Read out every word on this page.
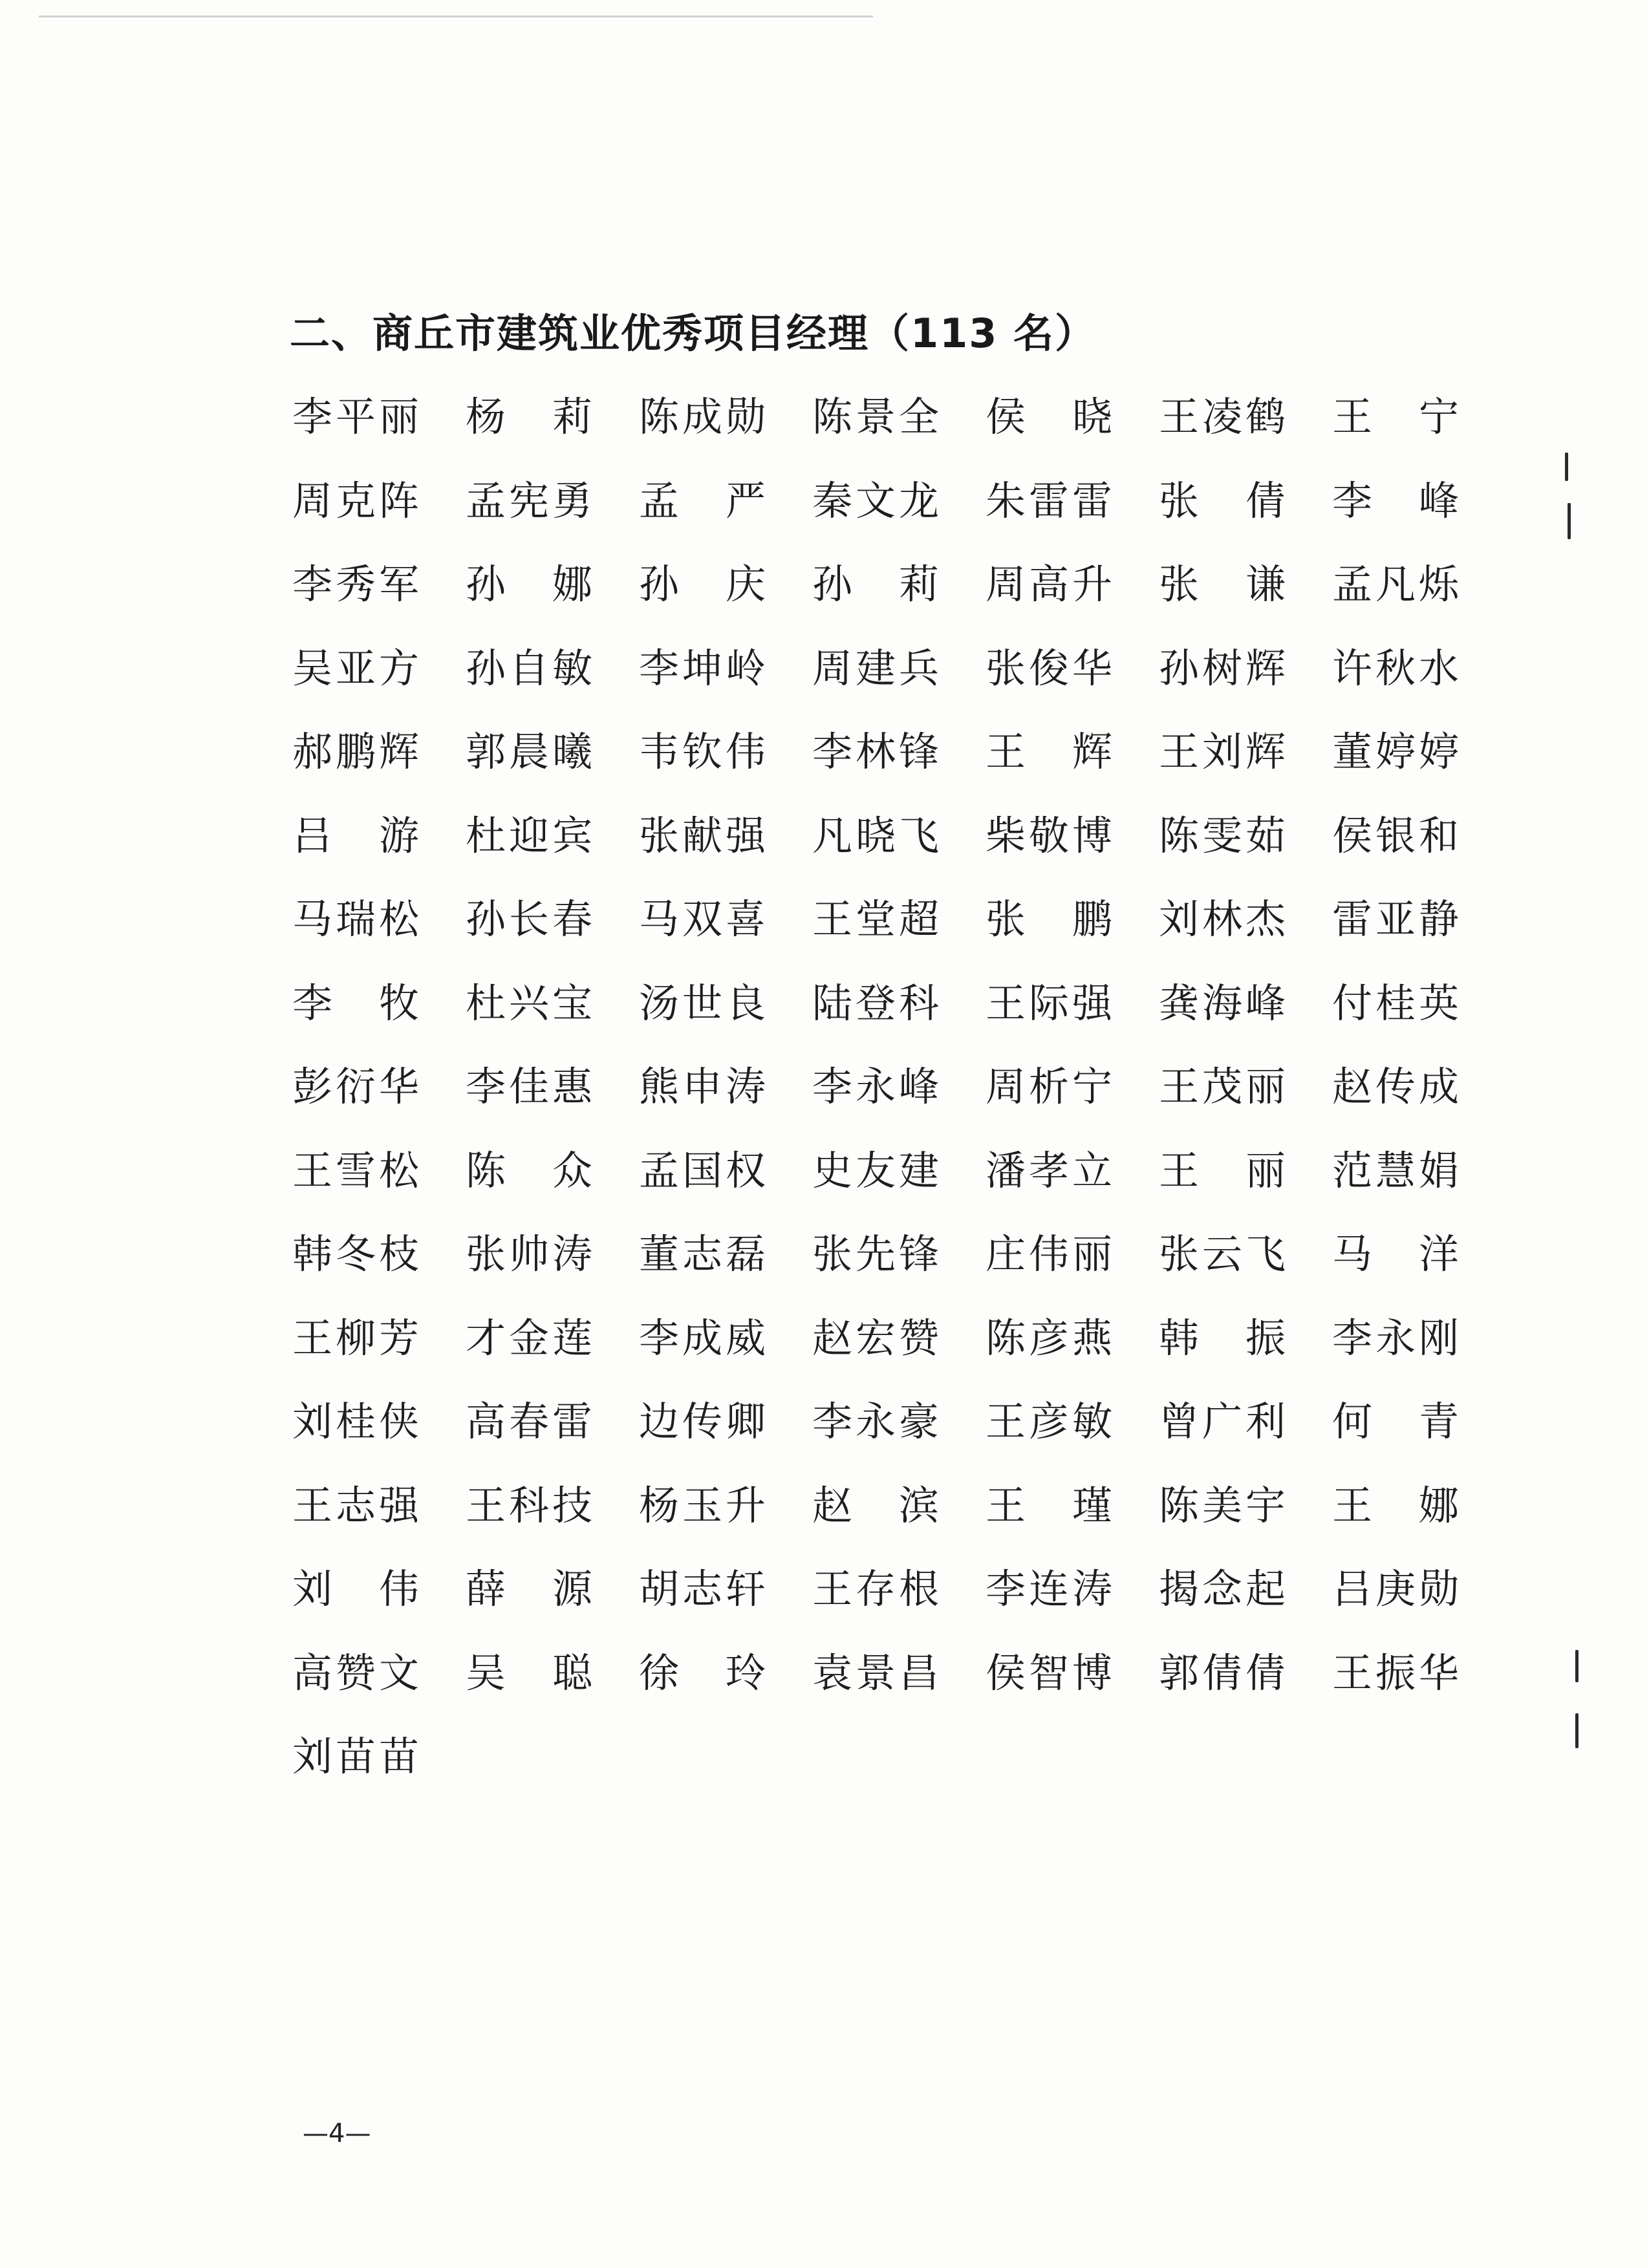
二、商丘市建筑业优秀项目经理（113 名）
李 平 丽 杨 莉 陈 成 勋 陈 景 全 侯 晓 王 凌 鹤 王 宁
周 克 阵 孟 宪 勇 孟 严 秦 文 龙 朱 雷 雷 张 倩 李 峰
李 秀 军 孙 娜 孙 庆 孙 莉 周 高 升 张 谦 孟 凡 烁
吴 亚 方 孙 自 敏 李 坤 岭 周 建 兵 张 俊 华 孙 树 辉 许 秋 水
郝 鹏 辉 郭 晨 曦 韦 钦 伟 李 林 锋 王 辉 王 刘 辉 董 婷 婷
吕 游 杜 迎 宾 张 献 强 凡 晓 飞 柴 敬 博 陈 雯 茹 侯 银 和
马 瑞 松 孙 长 春 马 双 喜 王 堂 超 张 鹏 刘 林 杰 雷 亚 静
李 牧 杜 兴 宝 汤 世 良 陆 登 科 王 际 强 龚 海 峰 付 桂 英
彭 衍 华 李 佳 惠 熊 申 涛 李 永 峰 周 析 宁 王 茂 丽 赵 传 成
王 雪 松 陈 众 孟 国 权 史 友 建 潘 孝 立 王 丽 范 慧 娟
韩 冬 枝 张 帅 涛 董 志 磊 张 先 锋 庄 伟 丽 张 云 飞 马 洋
王 柳 芳 才 金 莲 李 成 威 赵 宏 赞 陈 彦 燕 韩 振 李 永 刚
刘 桂 侠 高 春 雷 边 传 卿 李 永 豪 王 彦 敏 曾 广 利 何 青
王 志 强 王 科 技 杨 玉 升 赵 滨 王 瑾 陈 美 宇 王 娜
刘 伟 薛 源 胡 志 轩 王 存 根 李 连 涛 揭 念 起 吕 庚 勋
高 赞 文 吴 聪 徐 玲 袁 景 昌 侯 智 博 郭 倩 倩 王 振 华
刘 苗 苗
—4—
